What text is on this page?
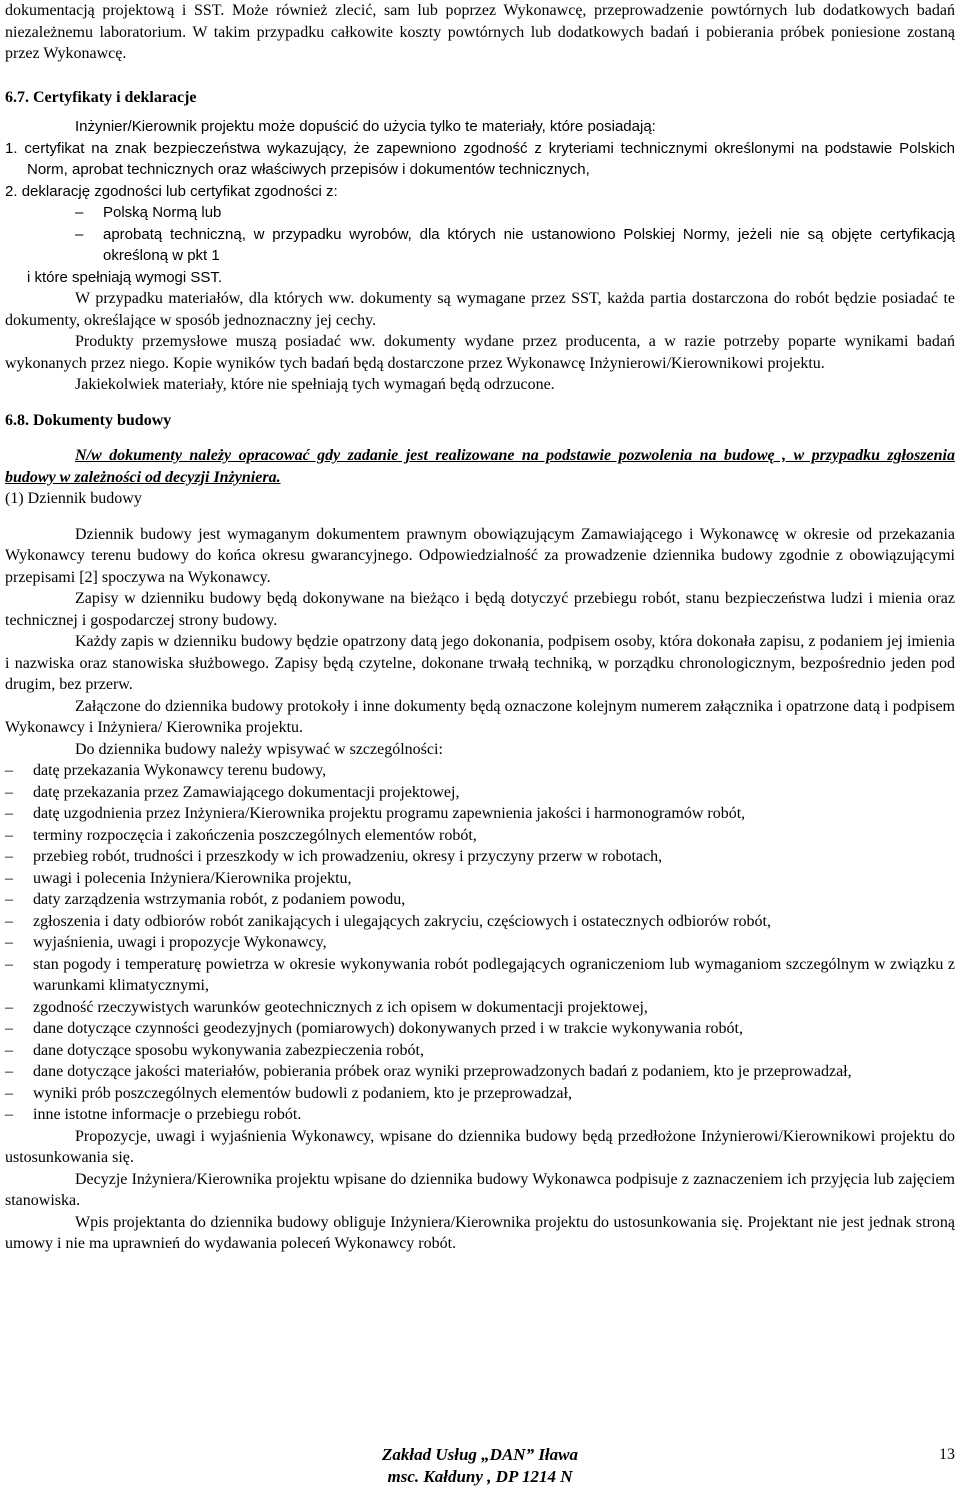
dokumentacją projektową i SST. Może również zlecić, sam lub poprzez Wykonawcę, przeprowadzenie powtórnych lub dodatkowych badań niezależnemu laboratorium. W takim przypadku całkowite koszty powtórnych lub dodatkowych badań i pobierania próbek poniesione zostaną przez Wykonawcę.

6.7. Certyfikaty i deklaracje

Inżynier/Kierownik projektu może dopuścić do użycia tylko te materiały, które posiadają:

1. certyfikat na znak bezpieczeństwa wykazujący, że zapewniono zgodność z kryteriami technicznymi określonymi na podstawie Polskich Norm, aprobat technicznych oraz właściwych przepisów i dokumentów technicznych,

2. deklarację zgodności lub certyfikat zgodności z:

– Polską Normą lub

– aprobatą techniczną, w przypadku wyrobów, dla których nie ustanowiono Polskiej Normy, jeżeli nie są objęte certyfikacją określoną w pkt 1

i które spełniają wymogi SST.

W przypadku materiałów, dla których ww. dokumenty są wymagane przez SST, każda partia dostarczona do robót będzie posiadać te dokumenty, określające w sposób jednoznaczny jej cechy.

Produkty przemysłowe muszą posiadać ww. dokumenty wydane przez producenta, a w razie potrzeby poparte wynikami badań wykonanych przez niego. Kopie wyników tych badań będą dostarczone przez Wykonawcę Inżynierowi/Kierownikowi projektu.

Jakiekolwiek materiały, które nie spełniają tych wymagań będą odrzucone.

6.8. Dokumenty budowy

N/w dokumenty należy opracować gdy zadanie jest realizowane na podstawie pozwolenia na budowę , w przypadku zgłoszenia budowy w zależności od decyzji Inżyniera.

(1) Dziennik budowy

Dziennik budowy jest wymaganym dokumentem prawnym obowiązującym Zamawiającego i Wykonawcę w okresie od przekazania Wykonawcy terenu budowy do końca okresu gwarancyjnego. Odpowiedzialność za prowadzenie dziennika budowy zgodnie z obowiązującymi przepisami [2] spoczywa na Wykonawcy.

Zapisy w dzienniku budowy będą dokonywane na bieżąco i będą dotyczyć przebiegu robót, stanu bezpieczeństwa ludzi i mienia oraz technicznej i gospodarczej strony budowy.

Każdy zapis w dzienniku budowy będzie opatrzony datą jego dokonania, podpisem osoby, która dokonała zapisu, z podaniem jej imienia i nazwiska oraz stanowiska służbowego. Zapisy będą czytelne, dokonane trwałą techniką, w porządku chronologicznym, bezpośrednio jeden pod drugim, bez przerw.

Załączone do dziennika budowy protokoły i inne dokumenty będą oznaczone kolejnym numerem załącznika i opatrzone datą i podpisem Wykonawcy i Inżyniera/ Kierownika projektu.

Do dziennika budowy należy wpisywać w szczególności:

– datę przekazania Wykonawcy terenu budowy,

– datę przekazania przez Zamawiającego dokumentacji projektowej,

– datę uzgodnienia przez Inżyniera/Kierownika projektu programu zapewnienia jakości i harmonogramów robót,

– terminy rozpoczęcia i zakończenia poszczególnych elementów robót,

– przebieg robót, trudności i przeszkody w ich prowadzeniu, okresy i przyczyny przerw w robotach,

– uwagi i polecenia Inżyniera/Kierownika projektu,

– daty zarządzenia wstrzymania robót, z podaniem powodu,

– zgłoszenia i daty odbiorów robót zanikających i ulegających zakryciu, częściowych i ostatecznych odbiorów robót,

– wyjaśnienia, uwagi i propozycje Wykonawcy,

– stan pogody i temperaturę powietrza w okresie wykonywania robót podlegających ograniczeniom lub wymaganiom szczególnym w związku z warunkami klimatycznymi,

– zgodność rzeczywistych warunków geotechnicznych z ich opisem w dokumentacji projektowej,

– dane dotyczące czynności geodezyjnych (pomiarowych) dokonywanych przed i w trakcie wykonywania robót,

– dane dotyczące sposobu wykonywania zabezpieczenia robót,

– dane dotyczące jakości materiałów, pobierania próbek oraz wyniki przeprowadzonych badań z podaniem, kto je przeprowadzał,

– wyniki prób poszczególnych elementów budowli z podaniem, kto je przeprowadzał,

– inne istotne informacje o przebiegu robót.

Propozycje, uwagi i wyjaśnienia Wykonawcy, wpisane do dziennika budowy będą przedłożone Inżynierowi/Kierownikowi projektu do ustosunkowania się.

Decyzje Inżyniera/Kierownika projektu wpisane do dziennika budowy Wykonawca podpisuje z zaznaczeniem ich przyjęcia lub zajęciem stanowiska.

Wpis projektanta do dziennika budowy obliguje Inżyniera/Kierownika projektu do ustosunkowania się. Projektant nie jest jednak stroną umowy i nie ma uprawnień do wydawania poleceń Wykonawcy robót.

Zakład Usług „DAN” Iława
msc. Kałduny , DP 1214 N
13
